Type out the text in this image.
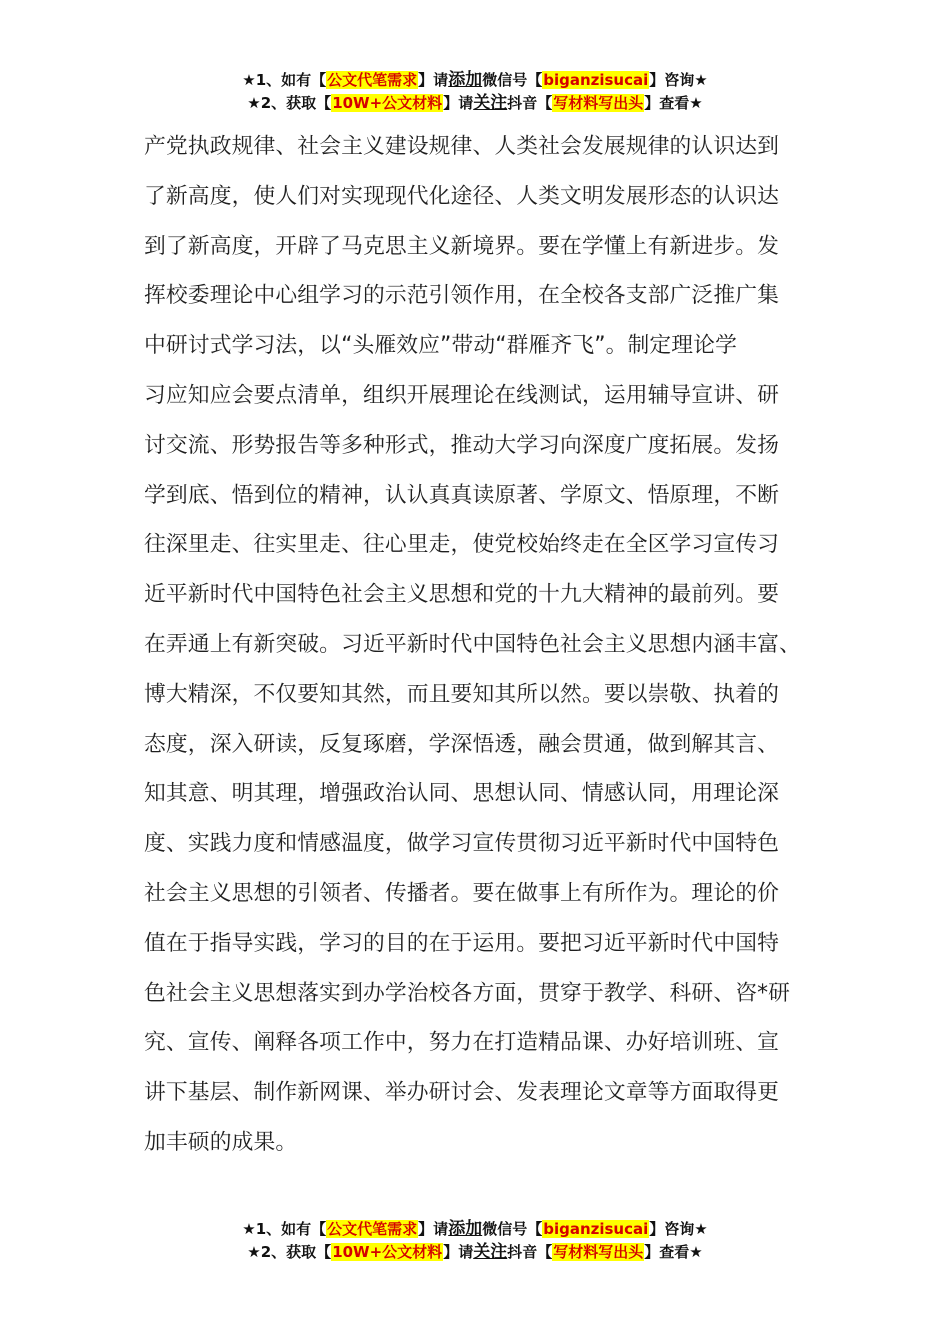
★1、如有【公文代笔需求】请添加微信号【biganzisucai】咨询★
★2、获取【10W+公文材料】请关注抖音【写材料写出头】查看★
产党执政规律、社会主义建设规律、人类社会发展规律的认识达到
了新高度，使人们对实现现代化途径、人类文明发展形态的认识达
到了新高度，开辟了马克思主义新境界。要在学懂上有新进步。发
挥校委理论中心组学习的示范引领作用，在全校各支部广泛推广集
中研讨式学习法，以“头雁效应”带动“群雁齐飞”。制定理论学
习应知应会要点清单，组织开展理论在线测试，运用辅导宣讲、研
讨交流、形势报告等多种形式，推动大学习向深度广度拓展。发扬
学到底、悟到位的精神，认认真真读原著、学原文、悟原理，不断
往深里走、往实里走、往心里走，使党校始终走在全区学习宣传习
近平新时代中国特色社会主义思想和党的十九大精神的最前列。要
在弄通上有新突破。习近平新时代中国特色社会主义思想内涵丰富、
博大精深，不仅要知其然，而且要知其所以然。要以崇敬、执着的
态度，深入研读，反复琢磨，学深悟透，融会贯通，做到解其言、
知其意、明其理，增强政治认同、思想认同、情感认同，用理论深
度、实践力度和情感温度，做学习宣传贯彻习近平新时代中国特色
社会主义思想的引领者、传播者。要在做事上有所作为。理论的价
值在于指导实践，学习的目的在于运用。要把习近平新时代中国特
色社会主义思想落实到办学治校各方面，贯穿于教学、科研、咨*研
究、宣传、阐释各项工作中，努力在打造精品课、办好培训班、宣
讲下基层、制作新网课、举办研讨会、发表理论文章等方面取得更
加丰硕的成果。
★1、如有【公文代笔需求】请添加微信号【biganzisucai】咨询★
★2、获取【10W+公文材料】请关注抖音【写材料写出头】查看★
